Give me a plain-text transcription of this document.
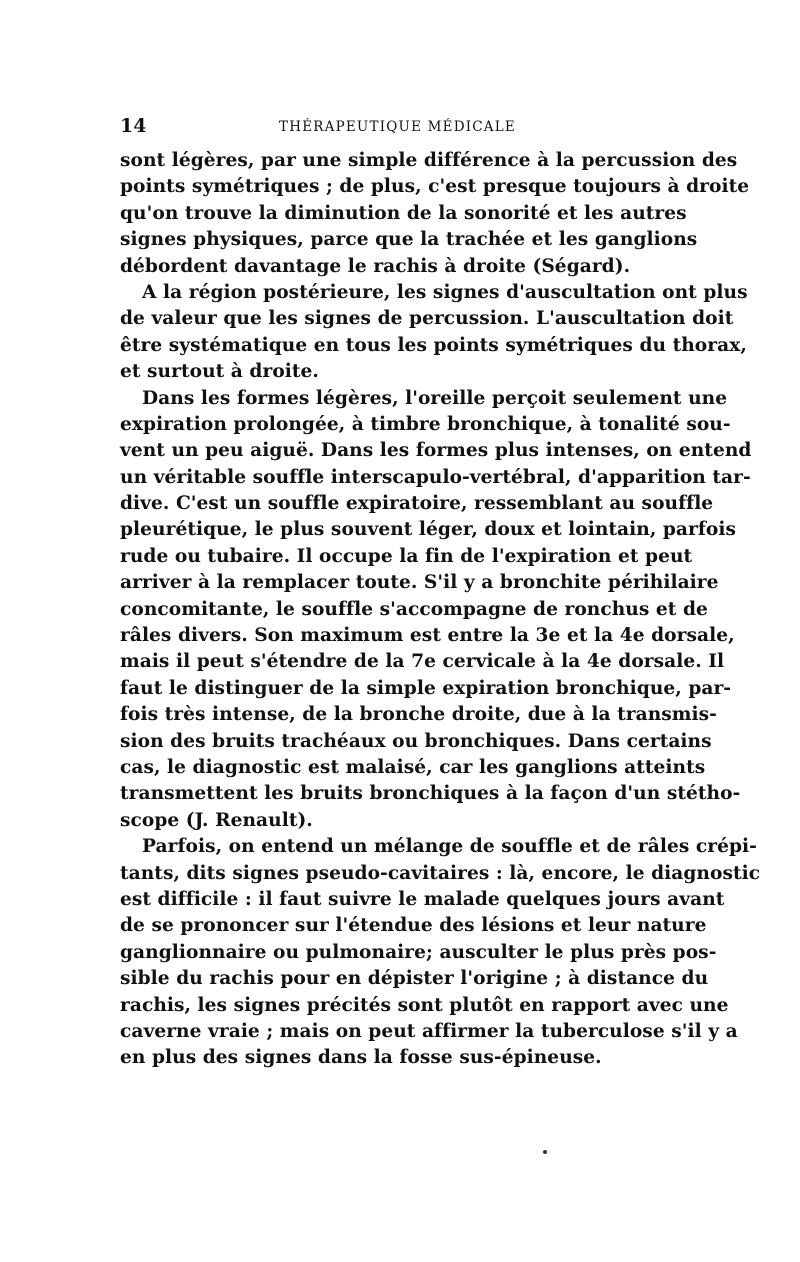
14	THÉRAPEUTIQUE MÉDICALE
sont légères, par une simple différence à la percussion des
points symétriques ; de plus, c'est presque toujours à droite
qu'on trouve la diminution de la sonorité et les autres
signes physiques, parce que la trachée et les ganglions
débordent davantage le rachis à droite (Ségard).
A la région postérieure, les signes d'auscultation ont plus
de valeur que les signes de percussion. L'auscultation doit
être systématique en tous les points symétriques du thorax,
et surtout à droite.
Dans les formes légères, l'oreille perçoit seulement une
expiration prolongée, à timbre bronchique, à tonalité sou-
vent un peu aiguë. Dans les formes plus intenses, on entend
un véritable souffle interscapulo-vertébral, d'apparition tar-
dive. C'est un souffle expiratoire, ressemblant au souffle
pleurétique, le plus souvent léger, doux et lointain, parfois
rude ou tubaire. Il occupe la fin de l'expiration et peut
arriver à la remplacer toute. S'il y a bronchite périhilaire
concomitante, le souffle s'accompagne de ronchus et de
râles divers. Son maximum est entre la 3e et la 4e dorsale,
mais il peut s'étendre de la 7e cervicale à la 4e dorsale. Il
faut le distinguer de la simple expiration bronchique, par-
fois très intense, de la bronche droite, due à la transmis-
sion des bruits trachéaux ou bronchiques. Dans certains
cas, le diagnostic est malaisé, car les ganglions atteints
transmettent les bruits bronchiques à la façon d'un stétho-
scope (J. Renault).
Parfois, on entend un mélange de souffle et de râles crépi-
tants, dits signes pseudo-cavitaires : là, encore, le diagnostic
est difficile : il faut suivre le malade quelques jours avant
de se prononcer sur l'étendue des lésions et leur nature
ganglionnaire ou pulmonaire; ausculter le plus près pos-
sible du rachis pour en dépister l'origine ; à distance du
rachis, les signes précités sont plutôt en rapport avec une
caverne vraie ; mais on peut affirmer la tuberculose s'il y a
en plus des signes dans la fosse sus-épineuse.
